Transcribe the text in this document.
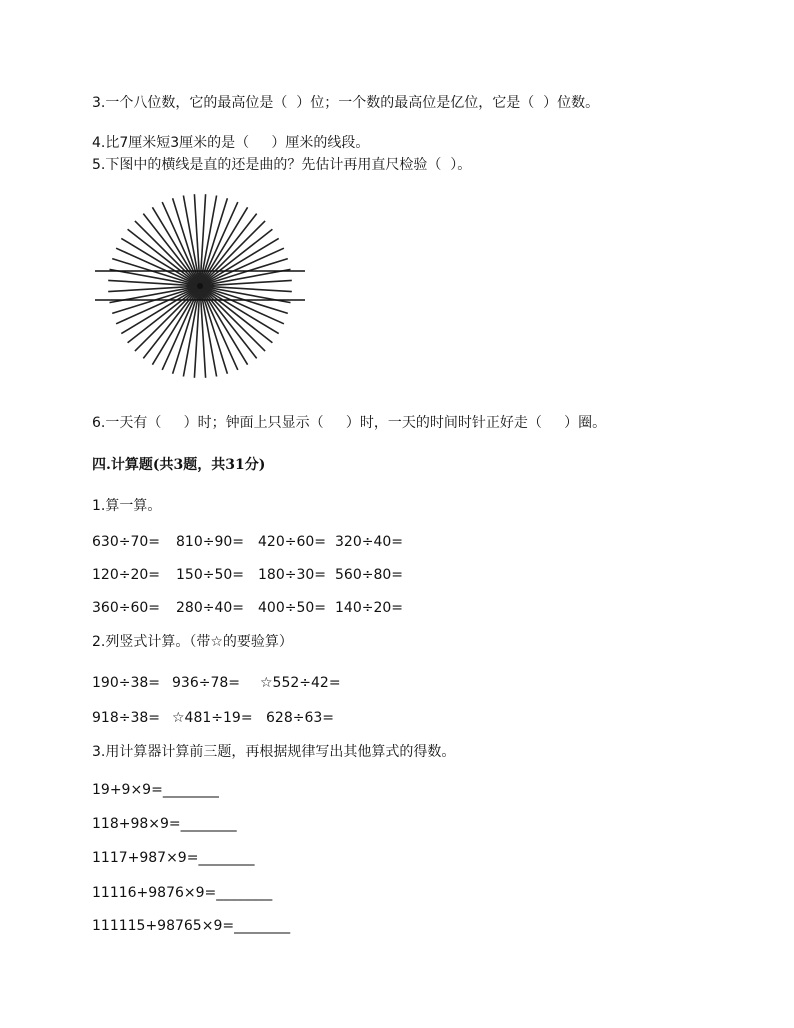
3.一个八位数，它的最高位是（  ）位；一个数的最高位是亿位，它是（  ）位数。
4.比7厘米短3厘米的是（     ）厘米的线段。
5.下图中的横线是直的还是曲的？先估计再用直尺检验（  ）。
6.一天有（     ）时；钟面上只显示（     ）时，一天的时间时针正好走（     ）圈。
四.计算题(共3题，共31分)
1.算一算。
630÷70= 810÷90= 420÷60= 320÷40=
120÷20= 150÷50= 180÷30= 560÷80=
360÷60= 280÷40= 400÷50= 140÷20=
2.列竖式计算。（带☆的要验算）
190÷38= 936÷78= ☆552÷42=
918÷38= ☆481÷19= 628÷63=
3.用计算器计算前三题，再根据规律写出其他算式的得数。
19+9×9=________
118+98×9=________
1117+987×9=________
11116+9876×9=________
111115+98765×9=________
